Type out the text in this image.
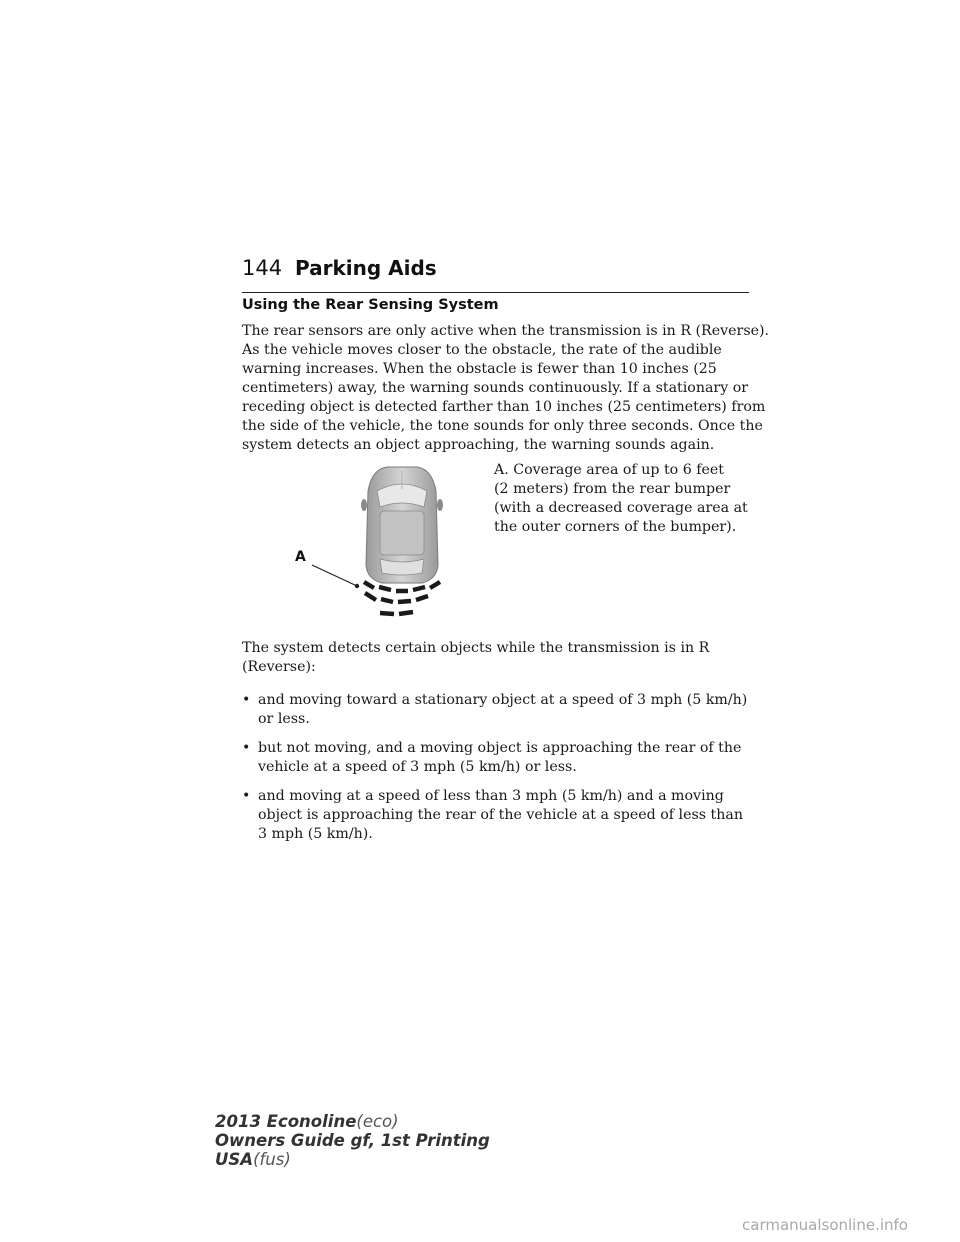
144 Parking Aids
Using the Rear Sensing System

The rear sensors are only active when the transmission is in R (Reverse).
As the vehicle moves closer to the obstacle, the rate of the audible
warning increases. When the obstacle is fewer than 10 inches (25
centimeters) away, the warning sounds continuously. If a stationary or
receding object is detected farther than 10 inches (25 centimeters) from
the side of the vehicle, the tone sounds for only three seconds. Once the
system detects an object approaching, the warning sounds again.

A
A. Coverage area of up to 6 feet
(2 meters) from the rear bumper
(with a decreased coverage area at
the outer corners of the bumper).

The system detects certain objects while the transmission is in R
(Reverse):

• and moving toward a stationary object at a speed of 3 mph (5 km/h)
or less.
• but not moving, and a moving object is approaching the rear of the
vehicle at a speed of 3 mph (5 km/h) or less.
• and moving at a speed of less than 3 mph (5 km/h) and a moving
object is approaching the rear of the vehicle at a speed of less than
3 mph (5 km/h).
2013 Econoline(eco)
Owners Guide gf, 1st Printing
USA(fus)
carmanualsonline.info
